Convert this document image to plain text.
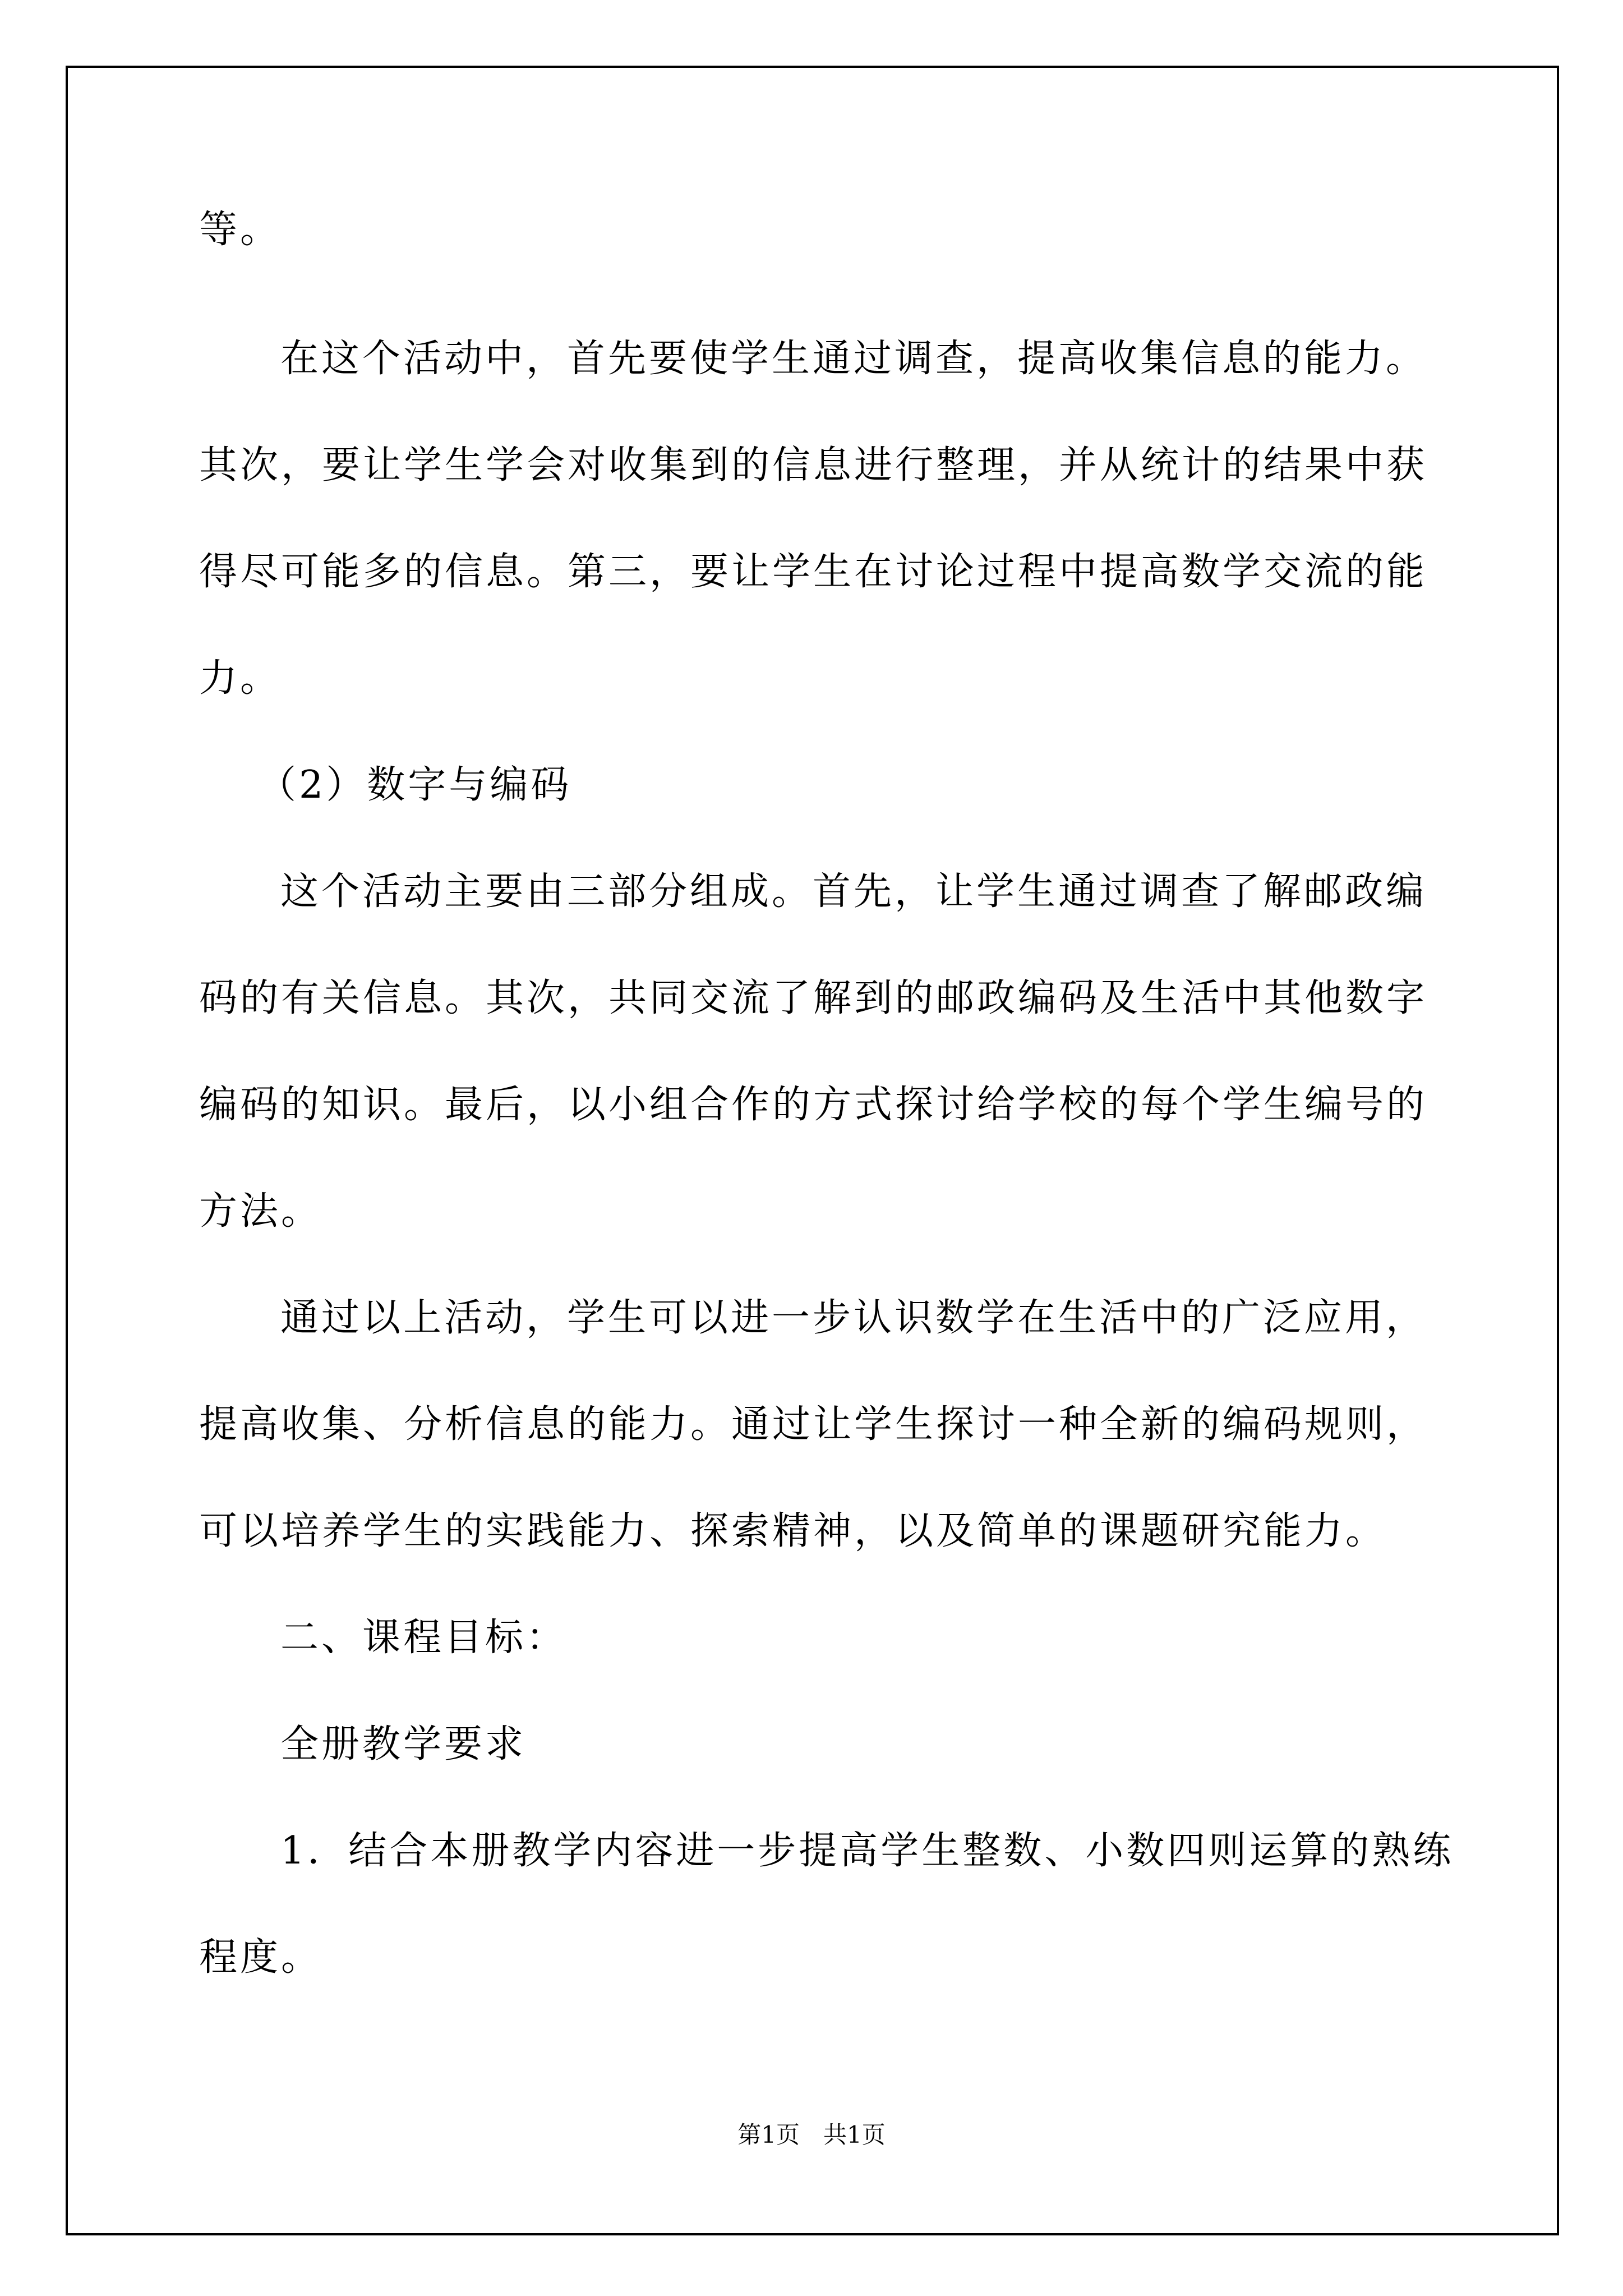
等。
在这个活动中，首先要使学生通过调查，提高收集信息的能力。
其次，要让学生学会对收集到的信息进行整理，并从统计的结果中获
得尽可能多的信息。第三，要让学生在讨论过程中提高数学交流的能
力。
（2）数字与编码
这个活动主要由三部分组成。首先，让学生通过调查了解邮政编
码的有关信息。其次，共同交流了解到的邮政编码及生活中其他数字
编码的知识。最后，以小组合作的方式探讨给学校的每个学生编号的
方法。
通过以上活动，学生可以进一步认识数学在生活中的广泛应用，
提高收集、分析信息的能力。通过让学生探讨一种全新的编码规则，
可以培养学生的实践能力、探索精神，以及简单的课题研究能力。
二、课程目标：
全册教学要求
1．结合本册教学内容进一步提高学生整数、小数四则运算的熟练
程度。
第1页　共1页
